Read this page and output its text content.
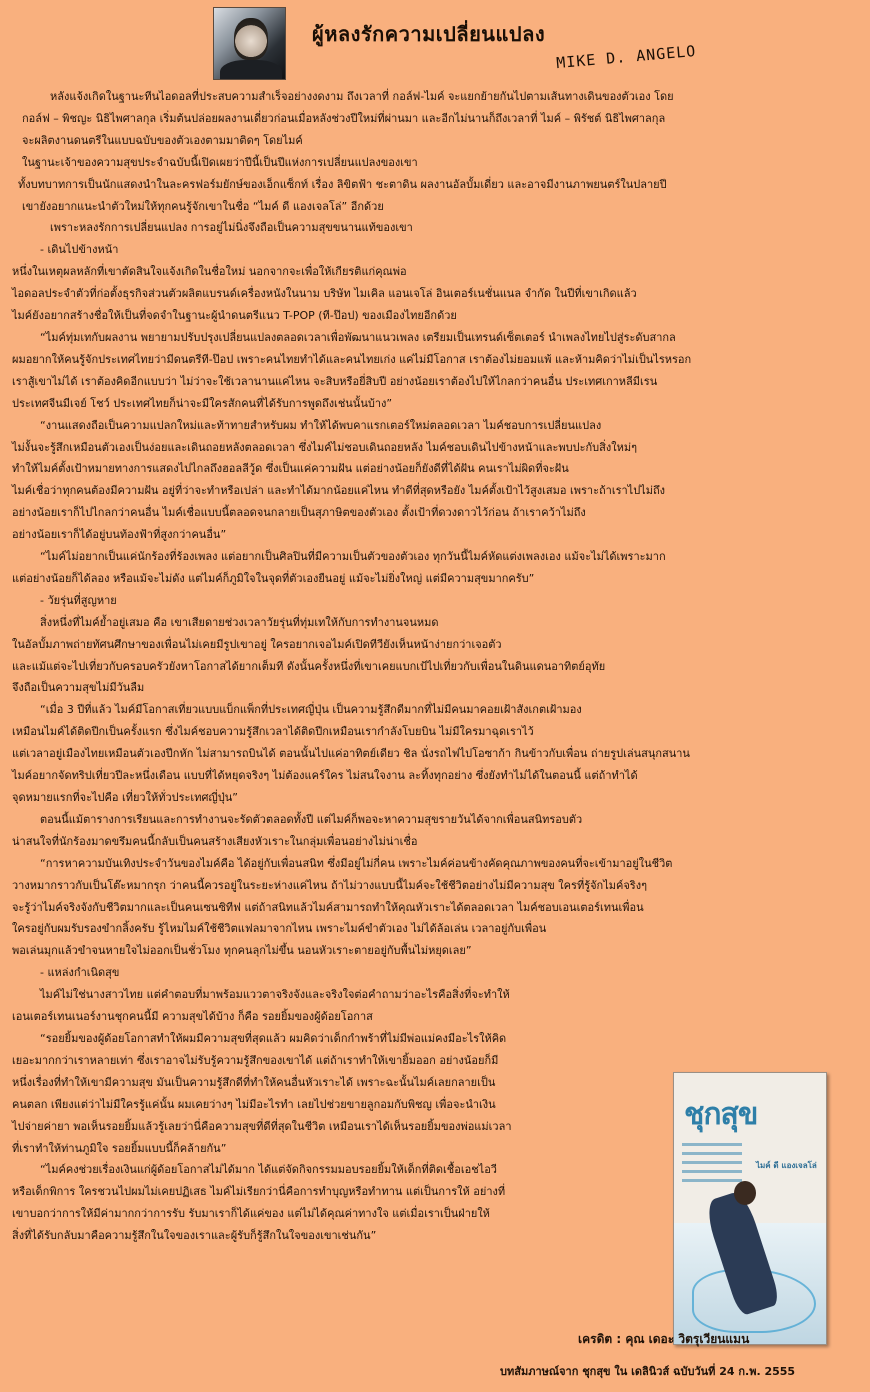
ผู้หลงรักความเปลี่ยนแปลง
MIKE D. ANGELO

หลังแจ้งเกิดในฐานะทีนไอดอลที่ประสบความสำเร็จอย่างงดงาม ถึงเวลาที่ กอล์ฟ-ไมค์ จะแยกย้ายกันไปตามเส้นทางเดินของตัวเอง โดย

กอล์ฟ – พิชญะ นิธิไพศาลกุล เริ่มต้นปล่อยผลงานเดี่ยวก่อนเมื่อหลังช่วงปีใหม่ที่ผ่านมา และอีกไม่นานก็ถึงเวลาที่ ไมค์ – พิรัชต์ นิธิไพศาลกุล

จะผลิตงานดนตรีในแบบฉบับของตัวเองตามมาติดๆ โดยไมค์

ในฐานะเจ้าของความสุขประจำฉบับนี้เปิดเผยว่าปีนี้เป็นปีแห่งการเปลี่ยนแปลงของเขา

ทั้งบทบาทการเป็นนักแสดงนำในละครฟอร์มยักษ์ของเอ็กแซ็กท์ เรื่อง ลิขิตฟ้า ชะตาดิน ผลงานอัลบั้มเดี่ยว และอาจมีงานภาพยนตร์ในปลายปี

เขายังอยากแนะนำตัวใหม่ให้ทุกคนรู้จักเขาในชื่อ “ไมค์ ดี แองเจลโล่” อีกด้วย

เพราะหลงรักการเปลี่ยนแปลง การอยู่ไม่นิ่งจึงถือเป็นความสุขขนานแท้ของเขา

- เดินไปข้างหน้า

หนึ่งในเหตุผลหลักที่เขาตัดสินใจแจ้งเกิดในชื่อใหม่ นอกจากจะเพื่อให้เกียรติแก่คุณพ่อ

ไอดอลประจำตัวที่ก่อตั้งธุรกิจส่วนตัวผลิตแบรนด์เครื่องหนังในนาม บริษัท ไมเคิล แอนเจโล่ อินเตอร์เนชั่นแนล จำกัด ในปีที่เขาเกิดแล้ว

ไมค์ยังอยากสร้างชื่อให้เป็นที่จดจำในฐานะผู้นำดนตรีแนว T-POP (ที-ป๊อป) ของเมืองไทยอีกด้วย

“ไมค์ทุ่มเทกับผลงาน พยายามปรับปรุงเปลี่ยนแปลงตลอดเวลาเพื่อพัฒนาแนวเพลง เตรียมเป็นเทรนด์เซ็ตเตอร์ นำเพลงไทยไปสู่ระดับสากล

ผมอยากให้คนรู้จักประเทศไทยว่ามีดนตรีที-ป๊อป เพราะคนไทยทำได้และคนไทยเก่ง แค่ไม่มีโอกาส เราต้องไม่ยอมแพ้ และห้ามคิดว่าไม่เป็นไรหรอก

เราสู้เขาไม่ได้ เราต้องคิดอีกแบบว่า ไม่ว่าจะใช้เวลานานแค่ไหน จะสิบหรือยี่สิบปี อย่างน้อยเราต้องไปให้ไกลกว่าคนอื่น ประเทศเกาหลีมีเรน

ประเทศจีนมีเจย์ โชว์ ประเทศไทยก็น่าจะมีใครสักคนที่ได้รับการพูดถึงเช่นนั้นบ้าง”

“งานแสดงถือเป็นความแปลกใหม่และท้าทายสำหรับผม ทำให้ได้พบคาแรกเตอร์ใหม่ตลอดเวลา ไมค์ชอบการเปลี่ยนแปลง

ไม่งั้นจะรู้สึกเหมือนตัวเองเป็นง่อยและเดินถอยหลังตลอดเวลา ซึ่งไมค์ไม่ชอบเดินถอยหลัง ไมค์ชอบเดินไปข้างหน้าและพบปะกับสิ่งใหม่ๆ

ทำให้ไมค์ตั้งเป้าหมายทางการแสดงไปไกลถึงฮอลลีวู้ด ซึ่งเป็นแค่ความฝัน แต่อย่างน้อยก็ยังดีที่ได้ฝัน คนเราไม่ผิดที่จะฝัน

ไมค์เชื่อว่าทุกคนต้องมีความฝัน อยู่ที่ว่าจะทำหรือเปล่า และทำได้มากน้อยแค่ไหน ทำดีที่สุดหรือยัง ไมค์ตั้งเป้าไว้สูงเสมอ เพราะถ้าเราไปไม่ถึง

อย่างน้อยเราก็ไปไกลกว่าคนอื่น ไมค์เชื่อแบบนี้ตลอดจนกลายเป็นสุภาษิตของตัวเอง ตั้งเป้าที่ดวงดาวไว้ก่อน ถ้าเราคว้าไม่ถึง

อย่างน้อยเราก็ได้อยู่บนท้องฟ้าที่สูงกว่าคนอื่น”

“ไมค์ไม่อยากเป็นแค่นักร้องที่ร้องเพลง แต่อยากเป็นศิลปินที่มีความเป็นตัวของตัวเอง ทุกวันนี้ไมค์หัดแต่งเพลงเอง แม้จะไม่ได้เพราะมาก

แต่อย่างน้อยก็ได้ลอง หรือแม้จะไม่ดัง แต่ไมค์ก็ภูมิใจในจุดที่ตัวเองยืนอยู่ แม้จะไม่ยิ่งใหญ่ แต่มีความสุขมากครับ”

- วัยรุ่นที่สูญหาย

สิ่งหนึ่งที่ไมค์ย้ำอยู่เสมอ คือ เขาเสียดายช่วงเวลาวัยรุ่นที่ทุ่มเทให้กับการทำงานจนหมด

ในอัลบั้มภาพถ่ายทัศนศึกษาของเพื่อนไม่เคยมีรูปเขาอยู่ ใครอยากเจอไมค์เปิดทีวียังเห็นหน้าง่ายกว่าเจอตัว

และแม้แต่จะไปเที่ยวกับครอบครัวยังหาโอกาสได้ยากเต็มที ดังนั้นครั้งหนึ่งที่เขาเคยแบกเป้ไปเที่ยวกับเพื่อนในดินแดนอาทิตย์อุทัย

จึงถือเป็นความสุขไม่มีวันลืม

“เมื่อ 3 ปีที่แล้ว ไมค์มีโอกาสเที่ยวแบบแบ็กแพ็กที่ประเทศญี่ปุ่น เป็นความรู้สึกดีมากที่ไม่มีคนมาคอยเฝ้าสังเกตเฝ้ามอง

เหมือนไมค์ได้ติดปีกเป็นครั้งแรก ซึ่งไมค์ชอบความรู้สึกเวลาได้ติดปีกเหมือนเรากำลังโบยบิน ไม่มีใครมาฉุดเราไว้

แต่เวลาอยู่เมืองไทยเหมือนตัวเองปีกหัก ไม่สามารถบินได้ ตอนนั้นไปแค่อาทิตย์เดียว ชิล นั่งรถไฟไปโอซาก้า กินข้าวกับเพื่อน ถ่ายรูปเล่นสนุกสนาน

ไมค์อยากจัดทริปเที่ยวปีละหนึ่งเดือน แบบที่ได้หยุดจริงๆ ไม่ต้องแคร์ใคร ไม่สนใจงาน ละทิ้งทุกอย่าง ซึ่งยังทำไม่ได้ในตอนนี้ แต่ถ้าทำได้

จุดหมายแรกที่จะไปคือ เที่ยวให้ทั่วประเทศญี่ปุ่น”

ตอนนี้แม้ตารางการเรียนและการทำงานจะรัดตัวตลอดทั้งปี แต่ไมค์ก็พอจะหาความสุขรายวันได้จากเพื่อนสนิทรอบตัว

น่าสนใจที่นักร้องมาดขรึมคนนี้กลับเป็นคนสร้างเสียงหัวเราะในกลุ่มเพื่อนอย่างไม่น่าเชื่อ

“การหาความบันเทิงประจำวันของไมค์คือ ได้อยู่กับเพื่อนสนิท ซึ่งมีอยู่ไม่กี่คน เพราะไมค์ค่อนข้างคัดคุณภาพของคนที่จะเข้ามาอยู่ในชีวิต

วางหมากราวกับเป็นโต๊ะหมากรุก ว่าคนนี้ควรอยู่ในระยะห่างแค่ไหน ถ้าไม่วางแบบนี้ไมค์จะใช้ชีวิตอย่างไม่มีความสุข ใครที่รู้จักไมค์จริงๆ

จะรู้ว่าไมค์จริงจังกับชีวิตมากและเป็นคนเซนซิทีฟ แต่ถ้าสนิทแล้วไมค์สามารถทำให้คุณหัวเราะได้ตลอดเวลา ไมค์ชอบเอนเตอร์เทนเพื่อน

ใครอยู่กับผมรับรองขำกลิ้งครับ รู้ไหมไมค์ใช้ชีวิตแฟลมาจากไหน เพราะไมค์ขำตัวเอง ไม่ได้ล้อเล่น เวลาอยู่กับเพื่อน

พอเล่นมุกแล้วขำจนหายใจไม่ออกเป็นชั่วโมง ทุกคนลุกไม่ขึ้น นอนหัวเราะตายอยู่กับพื้นไม่หยุดเลย”

- แหล่งกำเนิดสุข

ไมค์ไม่ใช่นางสาวไทย แต่คำตอบที่มาพร้อมแววตาจริงจังและจริงใจต่อคำถามว่าอะไรคือสิ่งที่จะทำให้

เอนเตอร์เทนเนอร์งานชุกคนนี้มี ความสุขได้บ้าง ก็คือ รอยยิ้มของผู้ด้อยโอกาส

“รอยยิ้มของผู้ด้อยโอกาสทำให้ผมมีความสุขที่สุดแล้ว ผมคิดว่าเด็กกำพร้าที่ไม่มีพ่อแม่คงมีอะไรให้คิด

เยอะมากกว่าเราหลายเท่า ซึ่งเราอาจไม่รับรู้ความรู้สึกของเขาได้ แต่ถ้าเราทำให้เขายิ้มออก อย่างน้อยก็มี

หนึ่งเรื่องที่ทำให้เขามีความสุข มันเป็นความรู้สึกดีที่ทำให้คนอื่นหัวเราะได้ เพราะฉะนั้นไมค์เลยกลายเป็น

คนตลก เพียงแต่ว่าไม่มีใครรู้แค่นั้น ผมเคยว่างๆ ไม่มีอะไรทำ เลยไปช่วยขายลูกอมกับพิชญ เพื่อจะนำเงิน

ไปจ่ายค่ายา พอเห็นรอยยิ้มแล้วรู้เลยว่านี่คือความสุขที่ดีที่สุดในชีวิต เหมือนเราได้เห็นรอยยิ้มของพ่อแม่เวลา

ที่เราทำให้ท่านภูมิใจ รอยยิ้มแบบนี้ก็คล้ายกัน”

“ไมค์คงช่วยเรื่องเงินแก่ผู้ด้อยโอกาสไม่ได้มาก ได้แต่จัดกิจกรรมมอบรอยยิ้มให้เด็กที่ติดเชื้อเอชไอวี

หรือเด็กพิการ ใครชวนไปผมไม่เคยปฏิเสธ ไมค์ไม่เรียกว่านี่คือการทำบุญหรือทำทาน แต่เป็นการให้ อย่างที่

เขาบอกว่าการให้มีค่ามากกว่าการรับ รับมาเราก็ได้แค่ของ แต่ไม่ได้คุณค่าทางใจ แต่เมื่อเราเป็นฝ่ายให้

สิ่งที่ได้รับกลับมาคือความรู้สึกในใจของเราและผู้รับก็รู้สึกในใจของเขาเช่นกัน”

ชุกสุข
ไมค์ ดี แองเจลโล่
เครดิต : คุณ เดอะ วิตรุเวียนแมน
บทสัมภาษณ์จาก ชุกสุข ใน เดลินิวส์ ฉบับวันที่ 24 ก.พ. 2555
